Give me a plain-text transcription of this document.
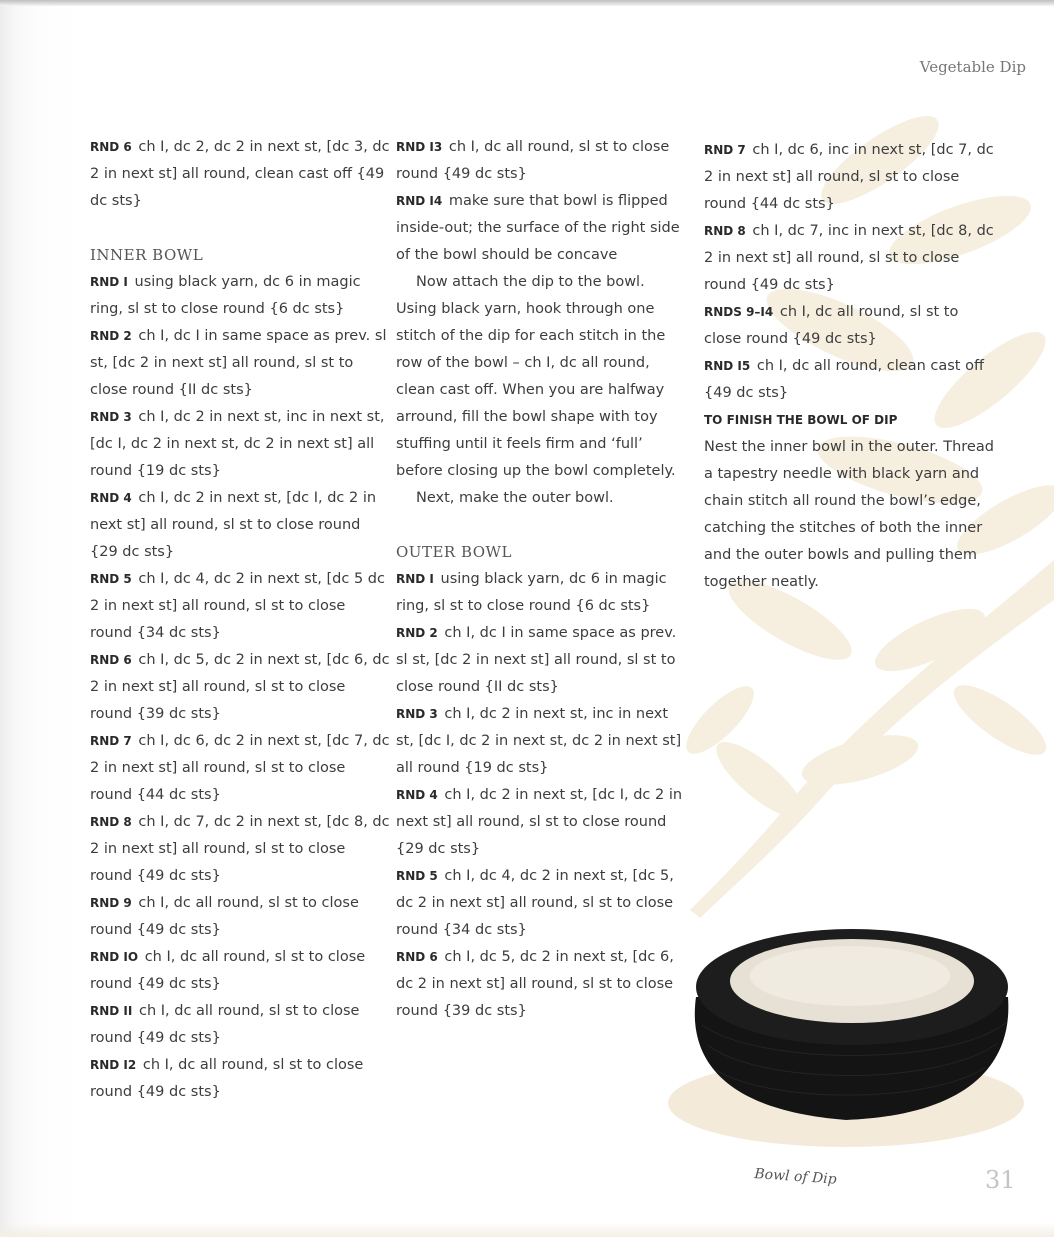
Vegetable Dip

RND 6 ch I, dc 2, dc 2 in next st, [dc 3, dc 2 in next st] all round, clean cast off {49 dc sts}

INNER BOWL

RND I using black yarn, dc 6 in magic ring, sl st to close round {6 dc sts}

RND 2 ch I, dc I in same space as prev. sl st, [dc 2 in next st] all round, sl st to close round {II dc sts}

RND 3 ch I, dc 2 in next st, inc in next st, [dc I, dc 2 in next st, dc 2 in next st] all round {19 dc sts}

RND 4 ch I, dc 2 in next st, [dc I, dc 2 in next st] all round, sl st to close round {29 dc sts}

RND 5 ch I, dc 4, dc 2 in next st, [dc 5 dc 2 in next st] all round, sl st to close round {34 dc sts}

RND 6 ch I, dc 5, dc 2 in next st, [dc 6, dc 2 in next st] all round, sl st to close round {39 dc sts}

RND 7 ch I, dc 6, dc 2 in next st, [dc 7, dc 2 in next st] all round, sl st to close round {44 dc sts}

RND 8 ch I, dc 7, dc 2 in next st, [dc 8, dc 2 in next st] all round, sl st to close round {49 dc sts}

RND 9 ch I, dc all round, sl st to close round {49 dc sts}

RND IO ch I, dc all round, sl st to close round {49 dc sts}

RND II ch I, dc all round, sl st to close round {49 dc sts}

RND I2 ch I, dc all round, sl st to close round {49 dc sts}

RND I3 ch I, dc all round, sl st to close round {49 dc sts}

RND I4 make sure that bowl is flipped inside-out; the surface of the right side of the bowl should be concave

Now attach the dip to the bowl. Using black yarn, hook through one stitch of the dip for each stitch in the row of the bowl – ch I, dc all round, clean cast off. When you are halfway arround, fill the bowl shape with toy stuffing until it feels firm and ‘full’ before closing up the bowl completely.

Next, make the outer bowl.

OUTER BOWL

RND I using black yarn, dc 6 in magic ring, sl st to close round {6 dc sts}

RND 2 ch I, dc I in same space as prev. sl st, [dc 2 in next st] all round, sl st to close round {II dc sts}

RND 3 ch I, dc 2 in next st, inc in next st, [dc I, dc 2 in next st, dc 2 in next st] all round {19 dc sts}

RND 4 ch I, dc 2 in next st, [dc I, dc 2 in next st] all round, sl st to close round {29 dc sts}

RND 5 ch I, dc 4, dc 2 in next st, [dc 5, dc 2 in next st] all round, sl st to close round {34 dc sts}

RND 6 ch I, dc 5, dc 2 in next st, [dc 6, dc 2 in next st] all round, sl st to close round {39 dc sts}

RND 7 ch I, dc 6, inc in next st, [dc 7, dc 2 in next st] all round, sl st to close round {44 dc sts}

RND 8 ch I, dc 7, inc in next st, [dc 8, dc 2 in next st] all round, sl st to close round {49 dc sts}

RNDS 9–I4 ch I, dc all round, sl st to close round {49 dc sts}

RND I5 ch I, dc all round, clean cast off {49 dc sts}

TO FINISH THE BOWL OF DIP

Nest the inner bowl in the outer. Thread a tapestry needle with black yarn and chain stitch all round the bowl’s edge, catching the stitches of both the inner and the outer bowls and pulling them together neatly.

Bowl of Dip	31
